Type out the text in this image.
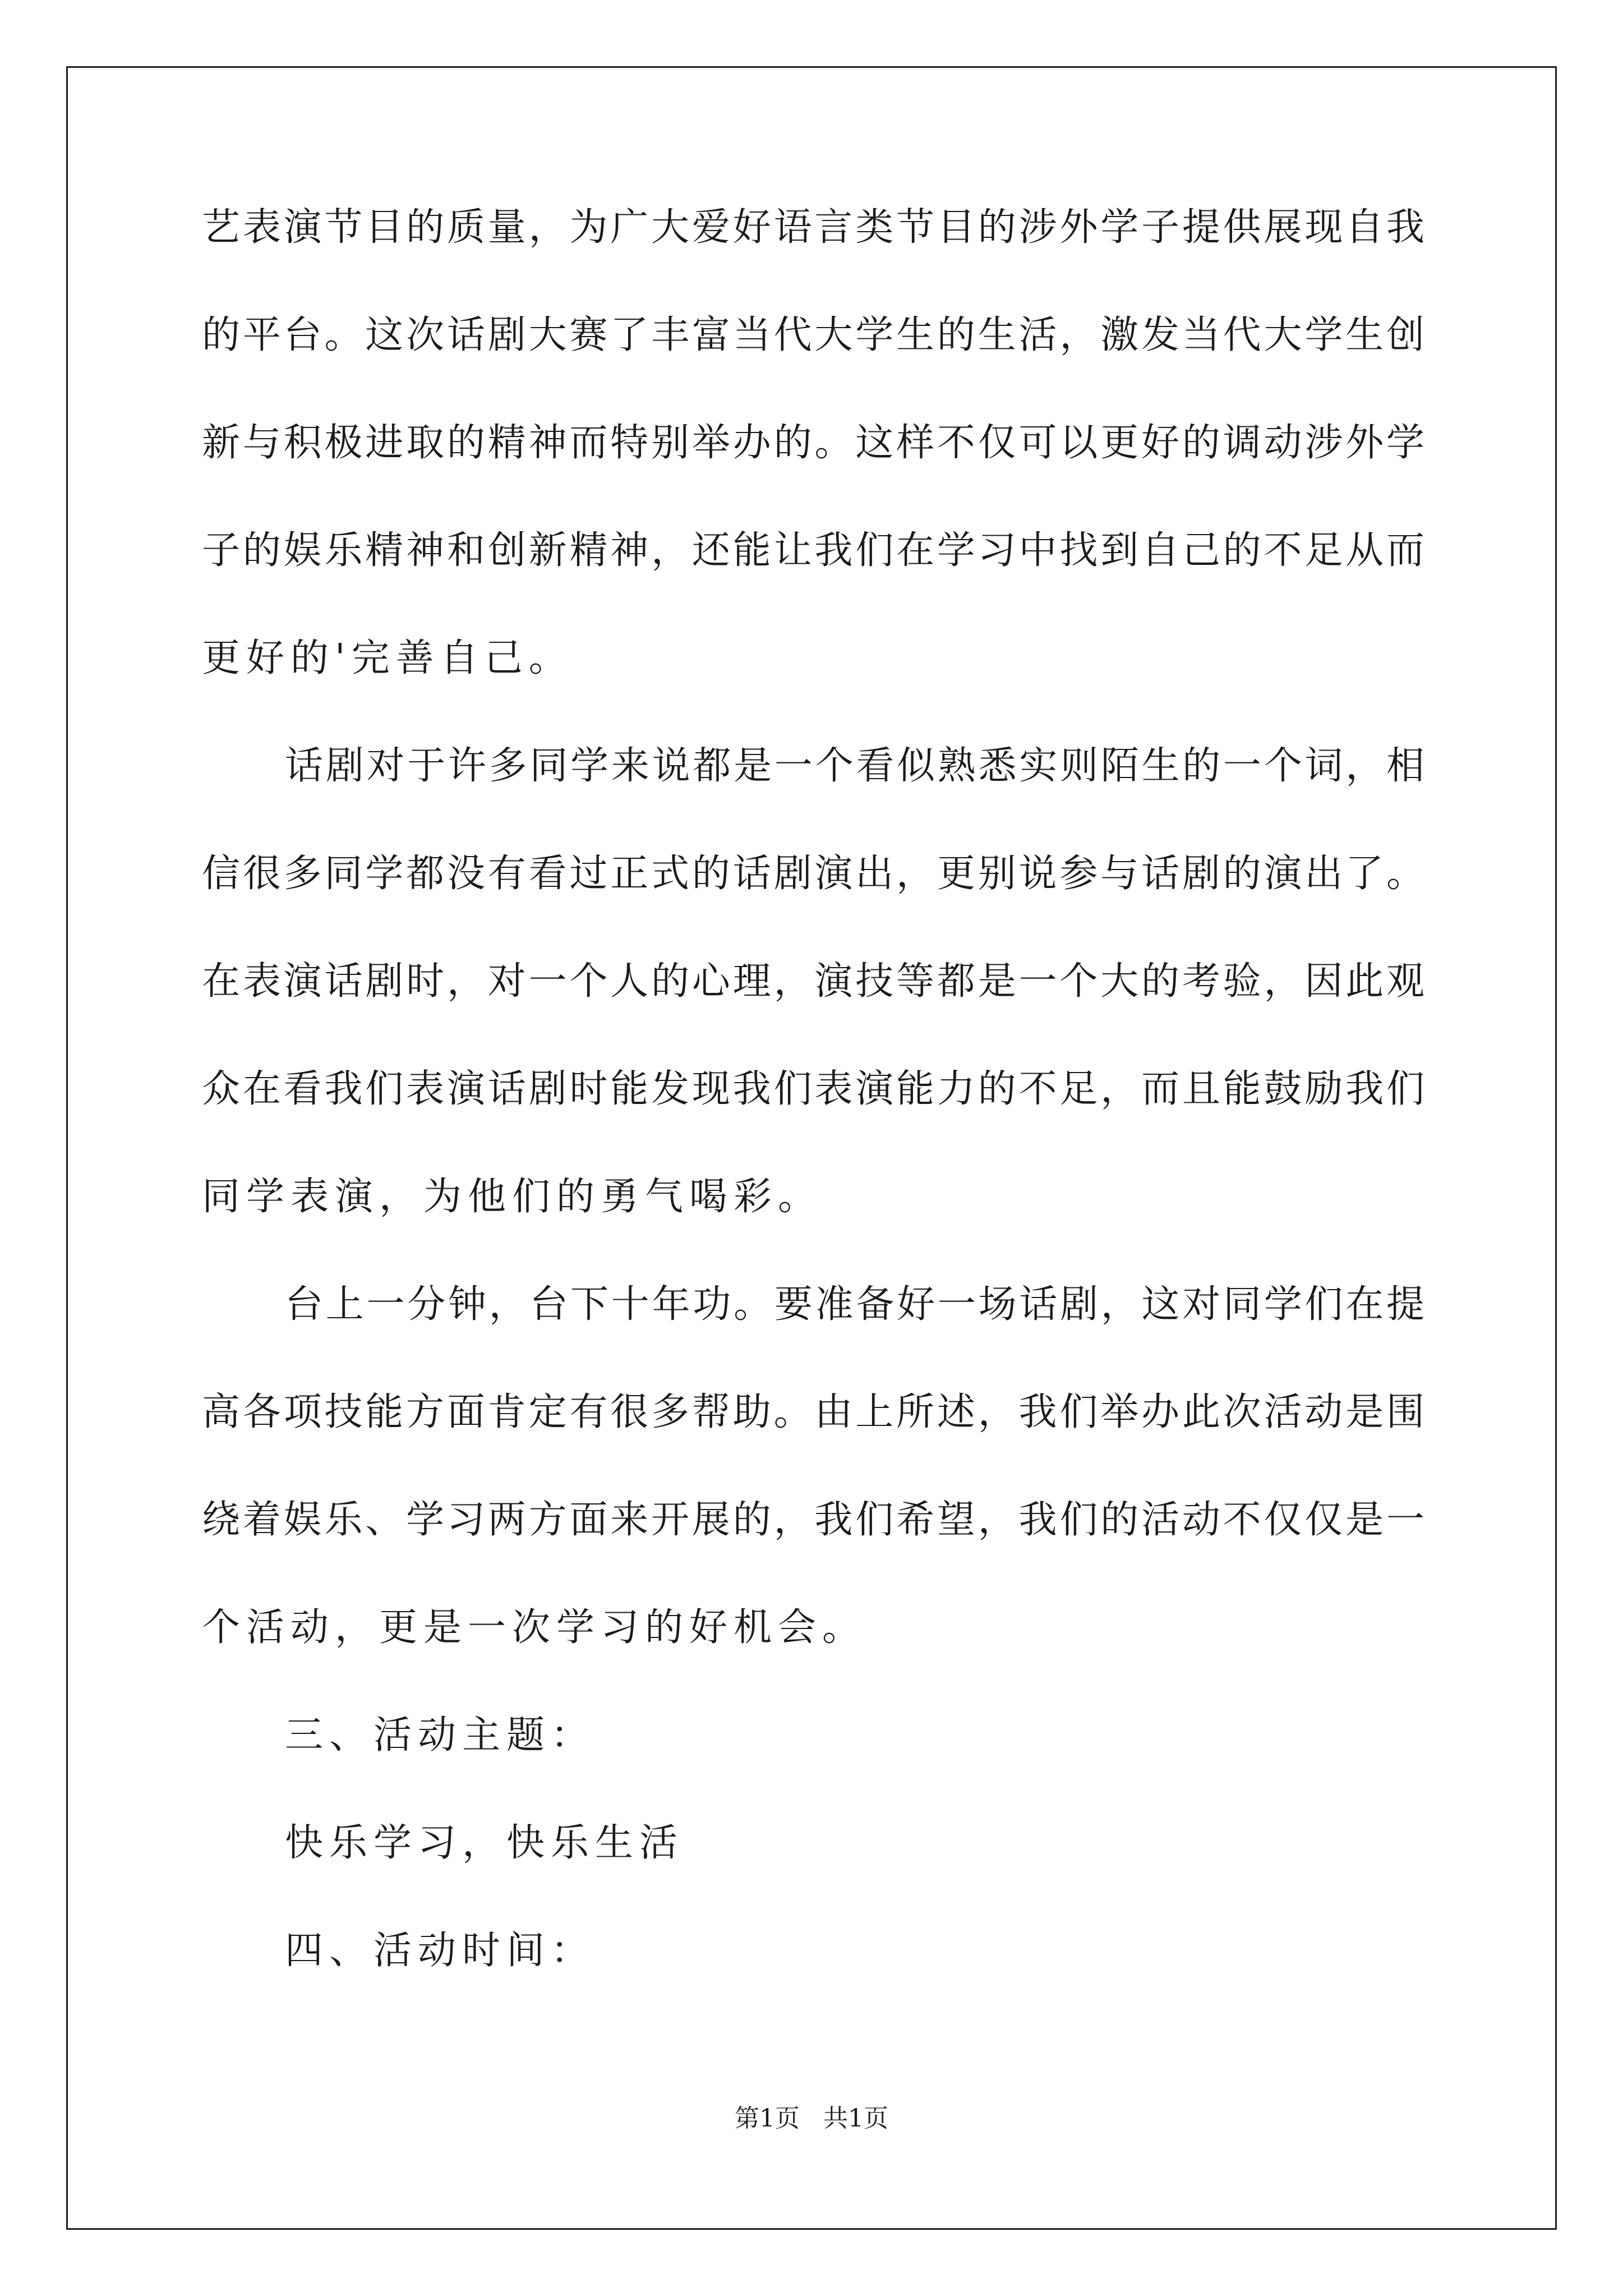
艺表演节目的质量，为广大爱好语言类节目的涉外学子提供展现自我
的平台。这次话剧大赛了丰富当代大学生的生活，激发当代大学生创
新与积极进取的精神而特别举办的。这样不仅可以更好的调动涉外学
子的娱乐精神和创新精神，还能让我们在学习中找到自己的不足从而
更好的'完善自己。
话剧对于许多同学来说都是一个看似熟悉实则陌生的一个词，相
信很多同学都没有看过正式的话剧演出，更别说参与话剧的演出了。
在表演话剧时，对一个人的心理，演技等都是一个大的考验，因此观
众在看我们表演话剧时能发现我们表演能力的不足，而且能鼓励我们
同学表演，为他们的勇气喝彩。
台上一分钟，台下十年功。要准备好一场话剧，这对同学们在提
高各项技能方面肯定有很多帮助。由上所述，我们举办此次活动是围
绕着娱乐、学习两方面来开展的，我们希望，我们的活动不仅仅是一
个活动，更是一次学习的好机会。
三、活动主题：
快乐学习，快乐生活
四、活动时间：
第1页   共1页
